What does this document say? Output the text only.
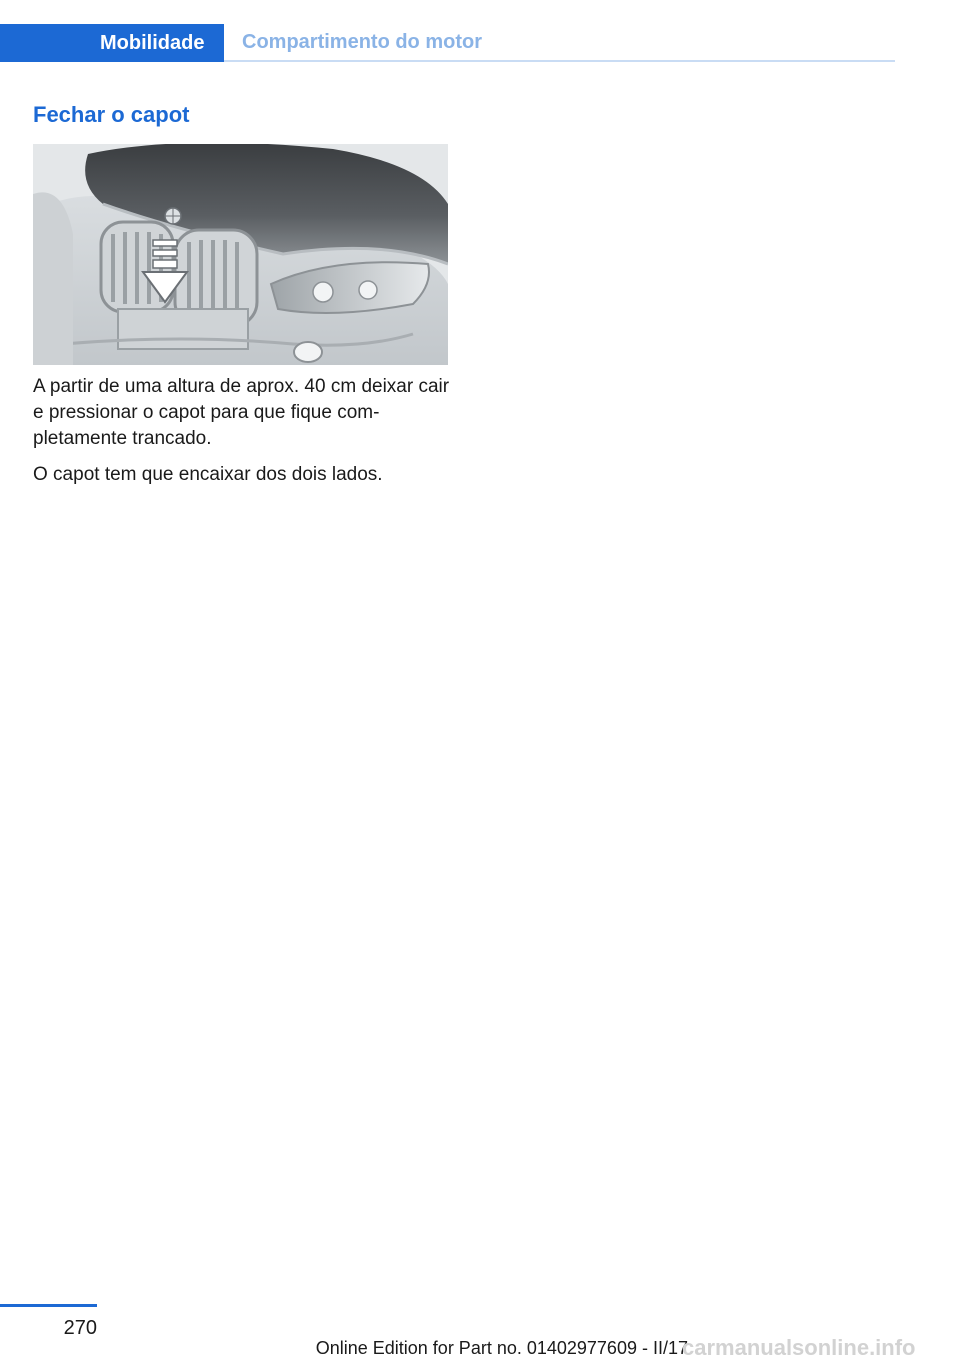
Mobilidade	Compartimento do motor
Fechar o capot

A partir de uma altura de aprox. 40 cm deixar cair e pressionar o capot para que fique com-pletamente trancado.

O capot tem que encaixar dos dois lados.

270
Online Edition for Part no. 01402977609 - II/17
carmanualsonline.info
